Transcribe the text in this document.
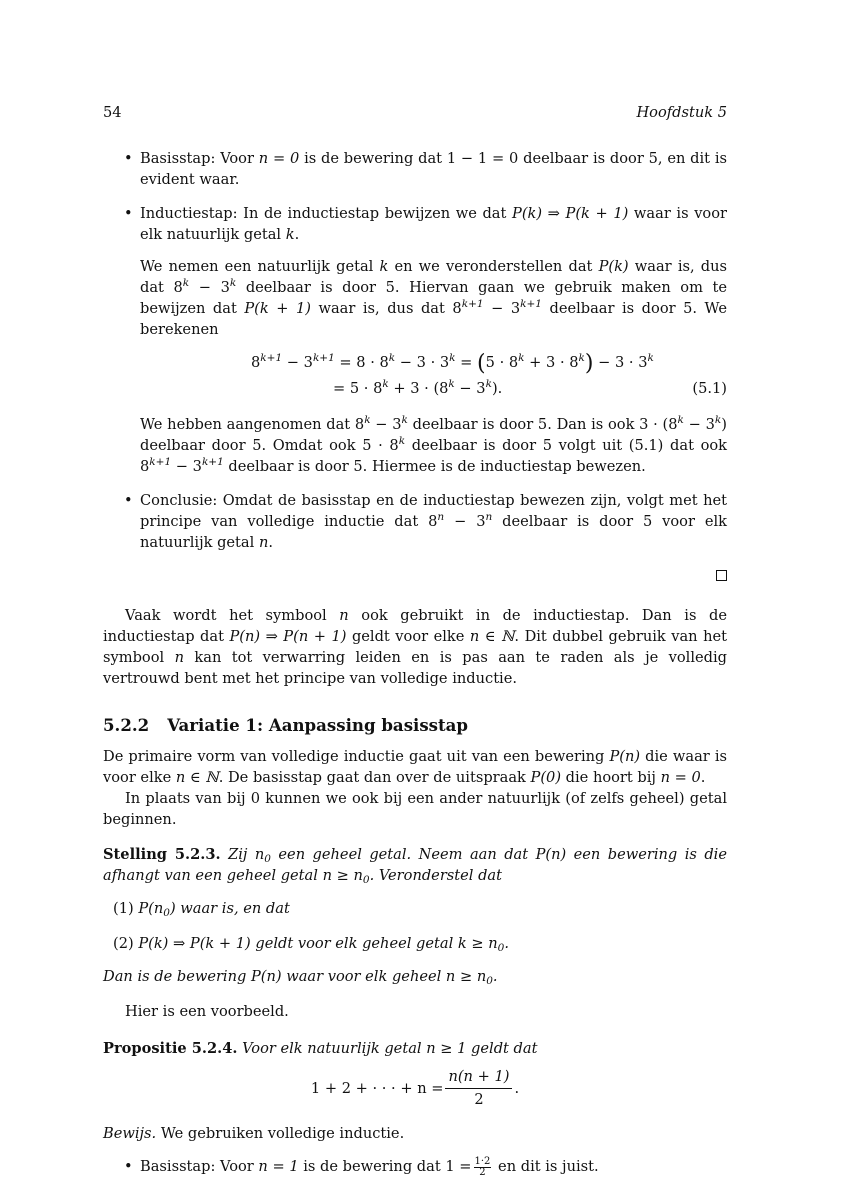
54	Hoofdstuk 5

• Basisstap: Voor n = 0 is de bewering dat 1 − 1 = 0 deelbaar is door 5, en dit is evident waar.

• Inductiestap: In de inductiestap bewijzen we dat P(k) ⇒ P(k + 1) waar is voor elk natuurlijk getal k.

We nemen een natuurlijk getal k en we veronderstellen dat P(k) waar is, dus dat $8^k - 3^k$ deelbaar is door 5. Hiervan gaan we gebruik maken om te bewijzen dat P(k + 1) waar is, dus dat $8^{k+1} - 3^{k+1}$ deelbaar is door 5. We berekenen

$8^{k+1} - 3^{k+1} = 8 \cdot 8^k - 3 \cdot 3^k = (5 \cdot 8^k + 3 \cdot 8^k) - 3 \cdot 3^k$
= $5 \cdot 8^k + 3 \cdot (8^k - 3^k)$.	(5.1)

We hebben aangenomen dat $8^k - 3^k$ deelbaar is door 5. Dan is ook $3 \cdot (8^k - 3^k)$ deelbaar door 5. Omdat ook $5 \cdot 8^k$ deelbaar is door 5 volgt uit (5.1) dat ook $8^{k+1} - 3^{k+1}$ deelbaar is door 5. Hiermee is de inductiestap bewezen.

• Conclusie: Omdat de basisstap en de inductiestap bewezen zijn, volgt met het principe van volledige inductie dat $8^n - 3^n$ deelbaar is door 5 voor elk natuurlijk getal n.

Vaak wordt het symbool n ook gebruikt in de inductiestap. Dan is de inductiestap dat P(n) ⇒ P(n + 1) geldt voor elke n ∈ ℕ. Dit dubbel gebruik van het symbool n kan tot verwarring leiden en is pas aan te raden als je volledig vertrouwd bent met het principe van volledige inductie.

5.2.2 Variatie 1: Aanpassing basisstap

De primaire vorm van volledige inductie gaat uit van een bewering P(n) die waar is voor elke n ∈ ℕ. De basisstap gaat dan over de uitspraak P(0) die hoort bij n = 0.

In plaats van bij 0 kunnen we ook bij een ander natuurlijk (of zelfs geheel) getal beginnen.

Stelling 5.2.3. Zij $n_0$ een geheel getal. Neem aan dat P(n) een bewering is die afhangt van een geheel getal $n \ge n_0$. Veronderstel dat

(1) $P(n_0)$ waar is, en dat

(2) P(k) ⇒ P(k + 1) geldt voor elk geheel getal $k \ge n_0$.

Dan is de bewering P(n) waar voor elk geheel $n \ge n_0$.

Hier is een voorbeeld.

Propositie 5.2.4. Voor elk natuurlijk getal n ≥ 1 geldt dat

1 + 2 + · · · + $n = \frac{n(n + 1)}{2}$ .

Bewijs. We gebruiken volledige inductie.

• Basisstap: Voor n = 1 is de bewering dat $1 = \frac{1\cdot 2}{2}$ en dit is juist.
